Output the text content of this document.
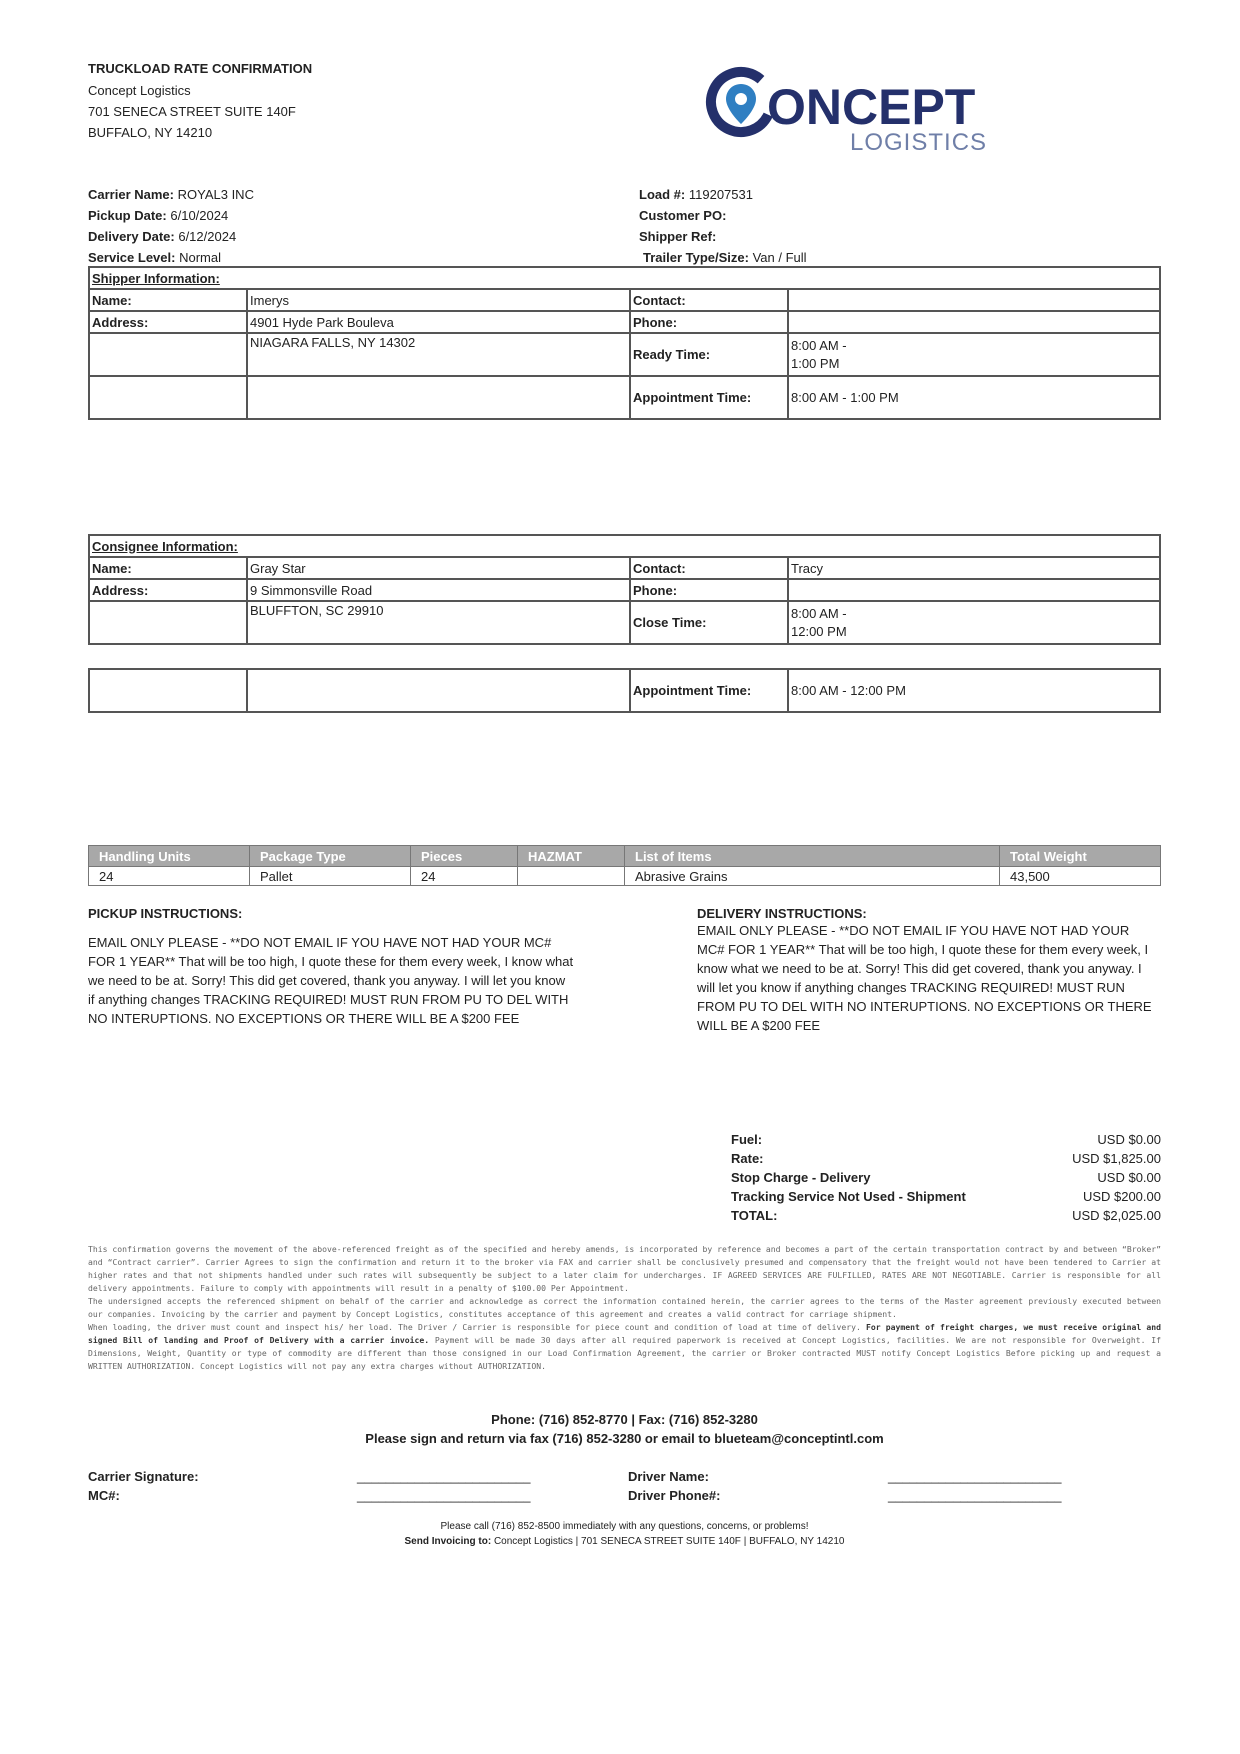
TRUCKLOAD RATE CONFIRMATION
Concept Logistics
701 SENECA STREET SUITE 140F
BUFFALO, NY 14210	ONCEPT
LOGISTICS
Carrier Name: ROYAL3 INC
Pickup Date: 6/10/2024
Delivery Date: 6/12/2024
Service Level: Normal
Load #: 119207531
Customer PO:
Shipper Ref:
Trailer Type/Size: Van / Full
Shipper Information:			
Name:	Imerys	Contact:	
Address:	4901 Hyde Park Bouleva	Phone:	
	NIAGARA FALLS, NY 14302	Ready Time:	8:00 AM -
1:00 PM

		Appointment Time:	8:00 AM - 1:00 PM
Consignee Information:			
Name:	Gray Star	Contact:	Tracy
Address:	9 Simmonsville Road	Phone:	
	BLUFFTON, SC 29910	Close Time:	8:00 AM -
12:00 PM
		Appointment Time:	8:00 AM - 12:00 PM
Handling Units	Package Type	Pieces	HAZMAT	List of Items	Total Weight
24	Pallet	24		Abrasive Grains	43,500
PICKUP INSTRUCTIONS:
EMAIL ONLY PLEASE - **DO NOT EMAIL IF YOU HAVE NOT HAD YOUR MC#
FOR 1 YEAR** That will be too high, I quote these for them every week, I know what
we need to be at. Sorry! This did get covered, thank you anyway. I will let you know
if anything changes TRACKING REQUIRED! MUST RUN FROM PU TO DEL WITH
NO INTERUPTIONS. NO EXCEPTIONS OR THERE WILL BE A $200 FEE
DELIVERY INSTRUCTIONS:
EMAIL ONLY PLEASE - **DO NOT EMAIL IF YOU HAVE NOT HAD YOUR
MC# FOR 1 YEAR** That will be too high, I quote these for them every week, I
know what we need to be at. Sorry! This did get covered, thank you anyway. I
will let you know if anything changes TRACKING REQUIRED! MUST RUN
FROM PU TO DEL WITH NO INTERUPTIONS. NO EXCEPTIONS OR THERE
WILL BE A $200 FEE
Fuel:	USD $0.00
Rate:	USD $1,825.00
Stop Charge - Delivery	USD $0.00
Tracking Service Not Used - Shipment	USD $200.00
TOTAL:	USD $2,025.00

This confirmation governs the movement of the above-referenced freight as of the specified and hereby amends, is incorporated by reference and becomes a part of the certain transportation contract by and between “Broker” and “Contract carrier”. Carrier Agrees to sign the confirmation and return it to the broker via FAX and carrier shall be conclusively presumed and compensatory that the freight would not have been tendered to Carrier at higher rates and that not shipments handled under such rates will subsequently be subject to a later claim for undercharges. IF AGREED SERVICES ARE FULFILLED, RATES ARE NOT NEGOTIABLE. Carrier is responsible for all delivery appointments. Failure to comply with appointments will result in a penalty of $100.00 Per Appointment.

The undersigned accepts the referenced shipment on behalf of the carrier and acknowledge as correct the information contained herein, the carrier agrees to the terms of the Master agreement previously executed between our companies. Invoicing by the carrier and payment by Concept Logistics, constitutes acceptance of this agreement and creates a valid contract for carriage shipment.

When loading, the driver must count and inspect his/ her load. The Driver / Carrier is responsible for piece count and condition of load at time of delivery. For payment of freight charges, we must receive original and signed Bill of landing and Proof of Delivery with a carrier invoice. Payment will be made 30 days after all required paperwork is received at Concept Logistics, facilities. We are not responsible for Overweight. If Dimensions, Weight, Quantity or type of commodity are different than those consigned in our Load Confirmation Agreement, the carrier or Broker contracted MUST notify Concept Logistics Before picking up and request a WRITTEN AUTHORIZATION. Concept Logistics will not pay any extra charges without AUTHORIZATION.

Phone: (716) 852-8770 | Fax: (716) 852-3280
Please sign and return via fax (716) 852-3280 or email to blueteam@conceptintl.com
Carrier Signature:
MC#:
________________________
________________________
Driver Name:
Driver Phone#:
________________________
________________________
Please call (716) 852-8500 immediately with any questions, concerns, or problems!
Send Invoicing to: Concept Logistics | 701 SENECA STREET SUITE 140F | BUFFALO, NY 14210
